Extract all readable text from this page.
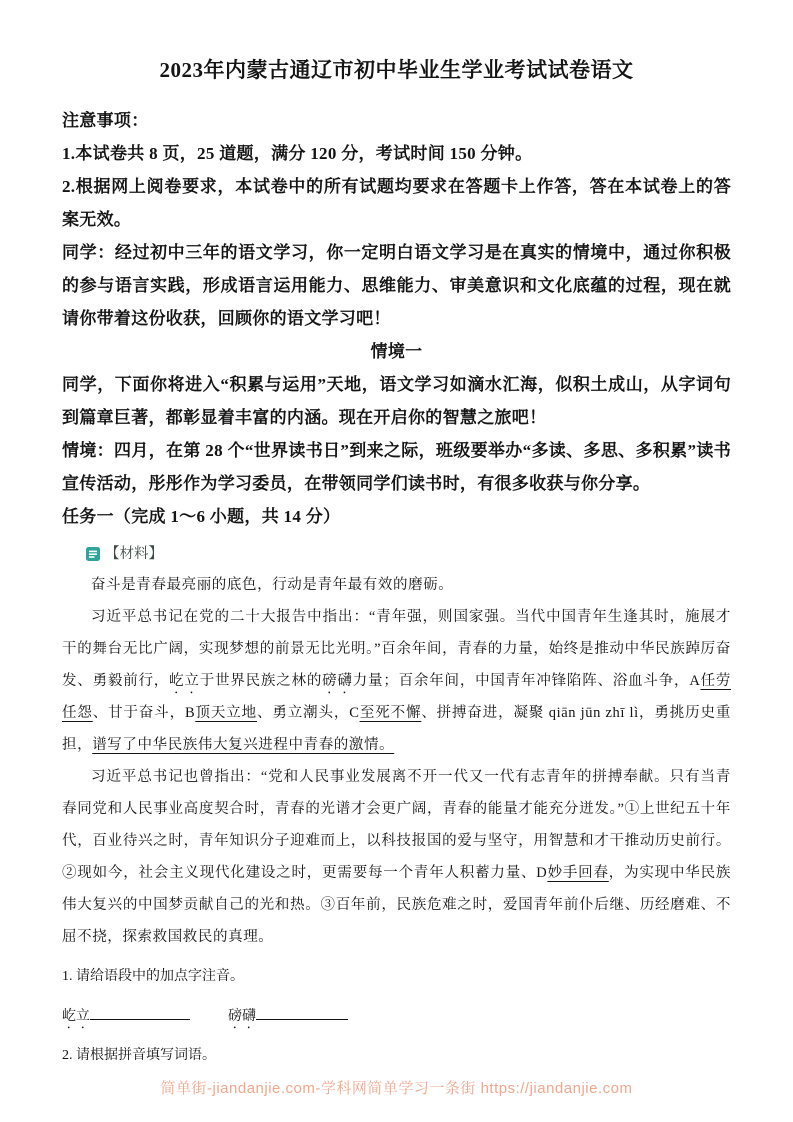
2023年内蒙古通辽市初中毕业生学业考试试卷语文

注意事项：

1.本试卷共 8 页，25 道题，满分 120 分，考试时间 150 分钟。

2.根据网上阅卷要求，本试卷中的所有试题均要求在答题卡上作答，答在本试卷上的答案无效。

同学：经过初中三年的语文学习，你一定明白语文学习是在真实的情境中，通过你积极的参与语言实践，形成语言运用能力、思维能力、审美意识和文化底蕴的过程，现在就请你带着这份收获，回顾你的语文学习吧！

情境一

同学，下面你将进入“积累与运用”天地，语文学习如滴水汇海，似积土成山，从字词句到篇章巨著，都彰显着丰富的内涵。现在开启你的智慧之旅吧！

情境：四月，在第 28 个“世界读书日”到来之际，班级要举办“多读、多思、多积累”读书宣传活动，彤彤作为学习委员，在带领同学们读书时，有很多收获与你分享。

任务一（完成 1～6 小题，共 14 分）

【材料】

奋斗是青春最亮丽的底色，行动是青年最有效的磨砺。

习近平总书记在党的二十大报告中指出：“青年强，则国家强。当代中国青年生逢其时，施展才干的舞台无比广阔，实现梦想的前景无比光明。”百余年间，青春的力量，始终是推动中华民族踔厉奋发、勇毅前行，屹立于世界民族之林的磅礴力量；百余年间，中国青年冲锋陷阵、浴血斗争，A任劳任怨、甘于奋斗，B顶天立地、勇立潮头，C至死不懈、拼搏奋进，凝聚 qiān jūn zhī lì，勇挑历史重担，谱写了中华民族伟大复兴进程中青春的激情。

习近平总书记也曾指出：“党和人民事业发展离不开一代又一代有志青年的拼搏奉献。只有当青春同党和人民事业高度契合时，青春的光谱才会更广阔，青春的能量才能充分迸发。”①上世纪五十年代，百业待兴之时，青年知识分子迎难而上，以科技报国的爱与坚守，用智慧和才干推动历史前行。②现如今，社会主义现代化建设之时，更需要每一个青年人积蓄力量、D妙手回春，为实现中华民族伟大复兴的中国梦贡献自己的光和热。③百年前，民族危难之时，爱国青年前仆后继、历经磨难、不屈不挠，探索救国救民的真理。

1. 请给语段中的加点字注音。

屹立	磅礴

2. 请根据拼音填写词语。

简单街-jiandanjie.com-学科网简单学习一条街 https://jiandanjie.com
